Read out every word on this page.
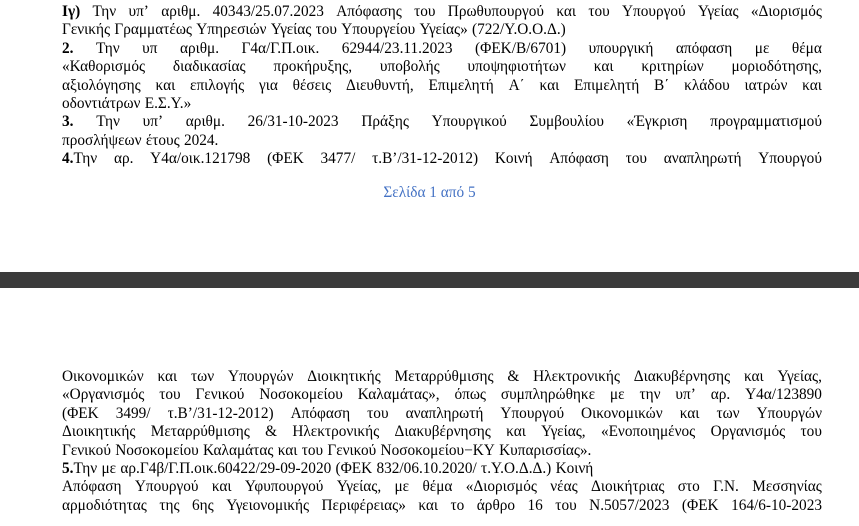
Ιγ) Την υπ’ αριθμ. 40343/25.07.2023 Απόφασης του Πρωθυπουργού και του Υπουργού Υγείας «Διορισμός
Γενικής Γραμματέως Υπηρεσιών Υγείας του Υπουργείου Υγείας» (722/Υ.Ο.Ο.Δ.)
2. Την υπ αριθμ. Γ4α/Γ.Π.οικ. 62944/23.11.2023 (ΦΕΚ/Β/6701) υπουργική απόφαση με θέμα
«Καθορισμός διαδικασίας προκήρυξης, υποβολής υποψηφιοτήτων και κριτηρίων μοριοδότησης,
αξιολόγησης και επιλογής για θέσεις Διευθυντή, Επιμελητή Α΄ και Επιμελητή Β΄ κλάδου ιατρών και
οδοντιάτρων Ε.Σ.Υ.»
3. Την υπ’ αριθμ. 26/31-10-2023 Πράξης Υπουργικού Συμβουλίου «Έγκριση προγραμματισμού
προσλήψεων έτους 2024.
4.Την αρ. Υ4α/οικ.121798 (ΦΕΚ 3477/ τ.Β’/31-12-2012) Κοινή Απόφαση του αναπληρωτή Υπουργού
Σελίδα 1 από 5
Οικονομικών και των Υπουργών Διοικητικής Μεταρρύθμισης & Ηλεκτρονικής Διακυβέρνησης και Υγείας,
«Οργανισμός του Γενικού Νοσοκομείου Καλαμάτας», όπως συμπληρώθηκε με την υπ’ αρ. Υ4α/123890
(ΦΕΚ 3499/ τ.Β’/31-12-2012) Απόφαση του αναπληρωτή Υπουργού Οικονομικών και των Υπουργών
Διοικητικής Μεταρρύθμισης & Ηλεκτρονικής Διακυβέρνησης και Υγείας, «Ενοποιημένος Οργανισμός του
Γενικού Νοσοκομείου Καλαμάτας και του Γενικού Νοσοκομείου−ΚΥ Κυπαρισσίας».
5.Την με αρ.Γ4β/Γ.Π.οικ.60422/29-09-2020 (ΦΕΚ 832/06.10.2020/ τ.Υ.Ο.Δ.Δ.) Κοινή
Απόφαση Υπουργού και Υφυπουργού Υγείας, με θέμα «Διορισμός νέας Διοικήτριας στο Γ.Ν. Μεσσηνίας
αρμοδιότητας της 6ης Υγειονομικής Περιφέρειας» και το άρθρο 16 του Ν.5057/2023 (ΦΕΚ 164/6-10-2023
